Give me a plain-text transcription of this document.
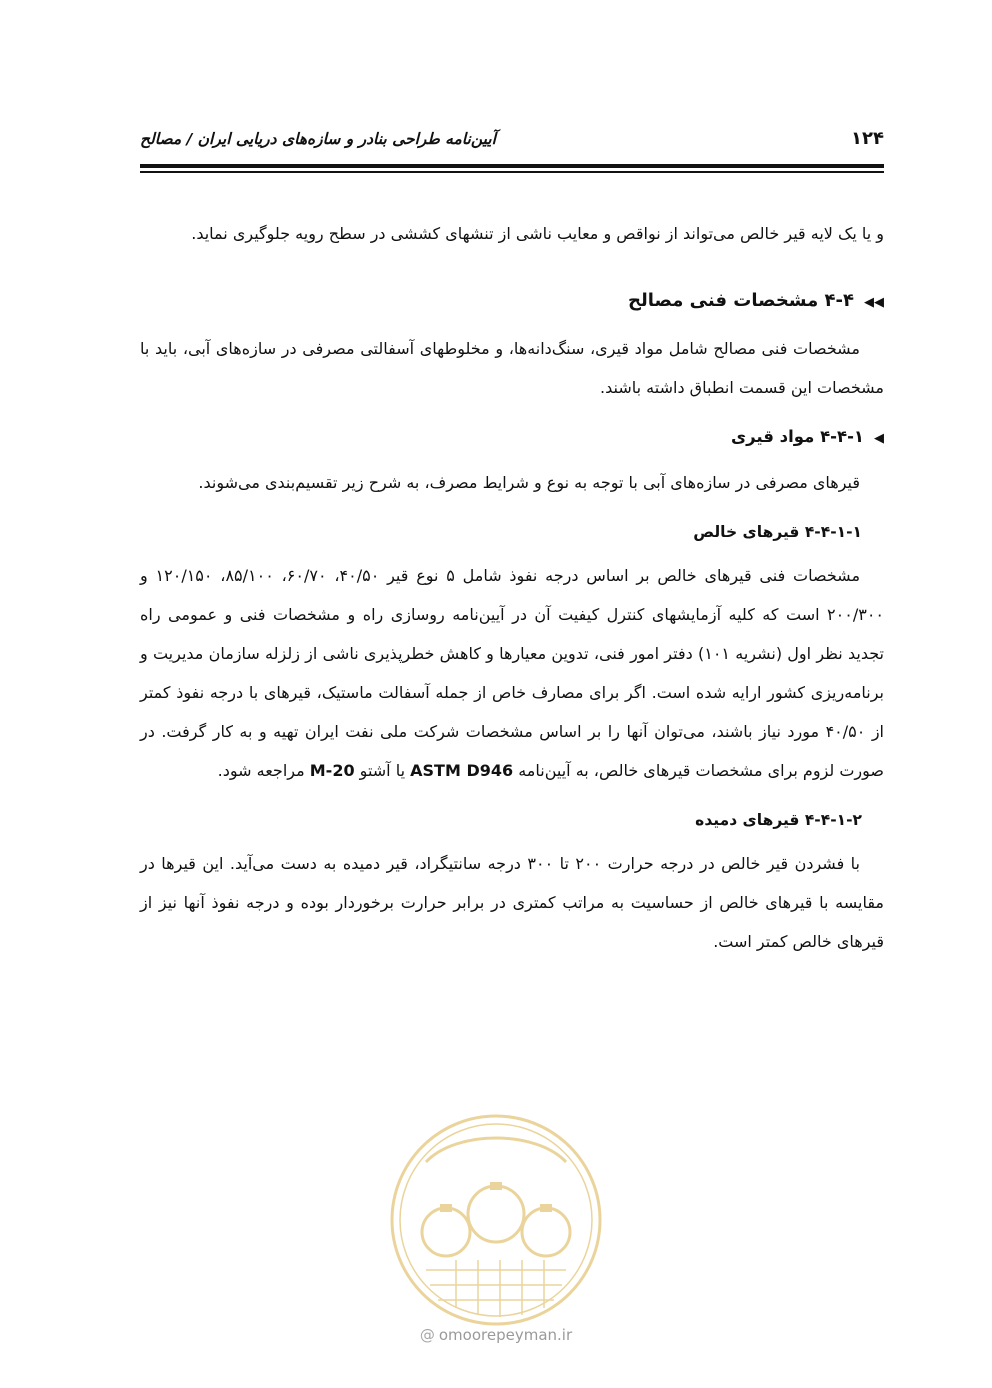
۱۲۴
آیین‌نامه طراحی بنادر و سازه‌های دریایی ایران / مصالح

و یا یک لایه قیر خالص می‌تواند از نواقص و معایب ناشی از تنشهای کششی در سطح رویه جلوگیری نماید.

◀◀۴-۴ مشخصات فنی مصالح

مشخصات فنی مصالح شامل مواد قیری، سنگ‌دانه‌ها، و مخلوطهای آسفالتی مصرفی در سازه‌های آبی، باید با مشخصات این قسمت انطباق داشته باشند.

◀۴-۴-۱ مواد قیری

قیرهای مصرفی در سازه‌های آبی با توجه به نوع و شرایط مصرف، به شرح زیر تقسیم‌بندی می‌شوند.

۴-۴-۱-۱ قیرهای خالص

مشخصات فنی قیرهای خالص بر اساس درجه نفوذ شامل ۵ نوع قیر ۴۰/۵۰، ۶۰/۷۰، ۸۵/۱۰۰، ۱۲۰/۱۵۰ و ۲۰۰/۳۰۰ است که کلیه آزمایشهای کنترل کیفیت آن در آیین‌نامه روسازی راه و مشخصات فنی و عمومی راه تجدید نظر اول (نشریه ۱۰۱) دفتر امور فنی، تدوین معیارها و کاهش خطرپذیری ناشی از زلزله سازمان مدیریت و برنامه‌ریزی کشور ارایه شده است. اگر برای مصارف خاص از جمله آسفالت ماستیک، قیرهای با درجه نفوذ کمتر از ۴۰/۵۰ مورد نیاز باشند، می‌توان آنها را بر اساس مشخصات شرکت ملی نفت ایران تهیه و به کار گرفت. در صورت لزوم برای مشخصات قیرهای خالص، به آیین‌نامه ASTM D946 یا آشتو M-20 مراجعه شود.

۴-۴-۱-۲ قیرهای دمیده

با فشردن قیر خالص در درجه حرارت ۲۰۰ تا ۳۰۰ درجه سانتیگراد، قیر دمیده به دست می‌آید. این قیرها در مقایسه با قیرهای خالص از حساسیت به مراتب کمتری در برابر حرارت برخوردار بوده و درجه نفوذ آنها نیز از قیرهای خالص کمتر است.

@ omoorepeyman.ir
